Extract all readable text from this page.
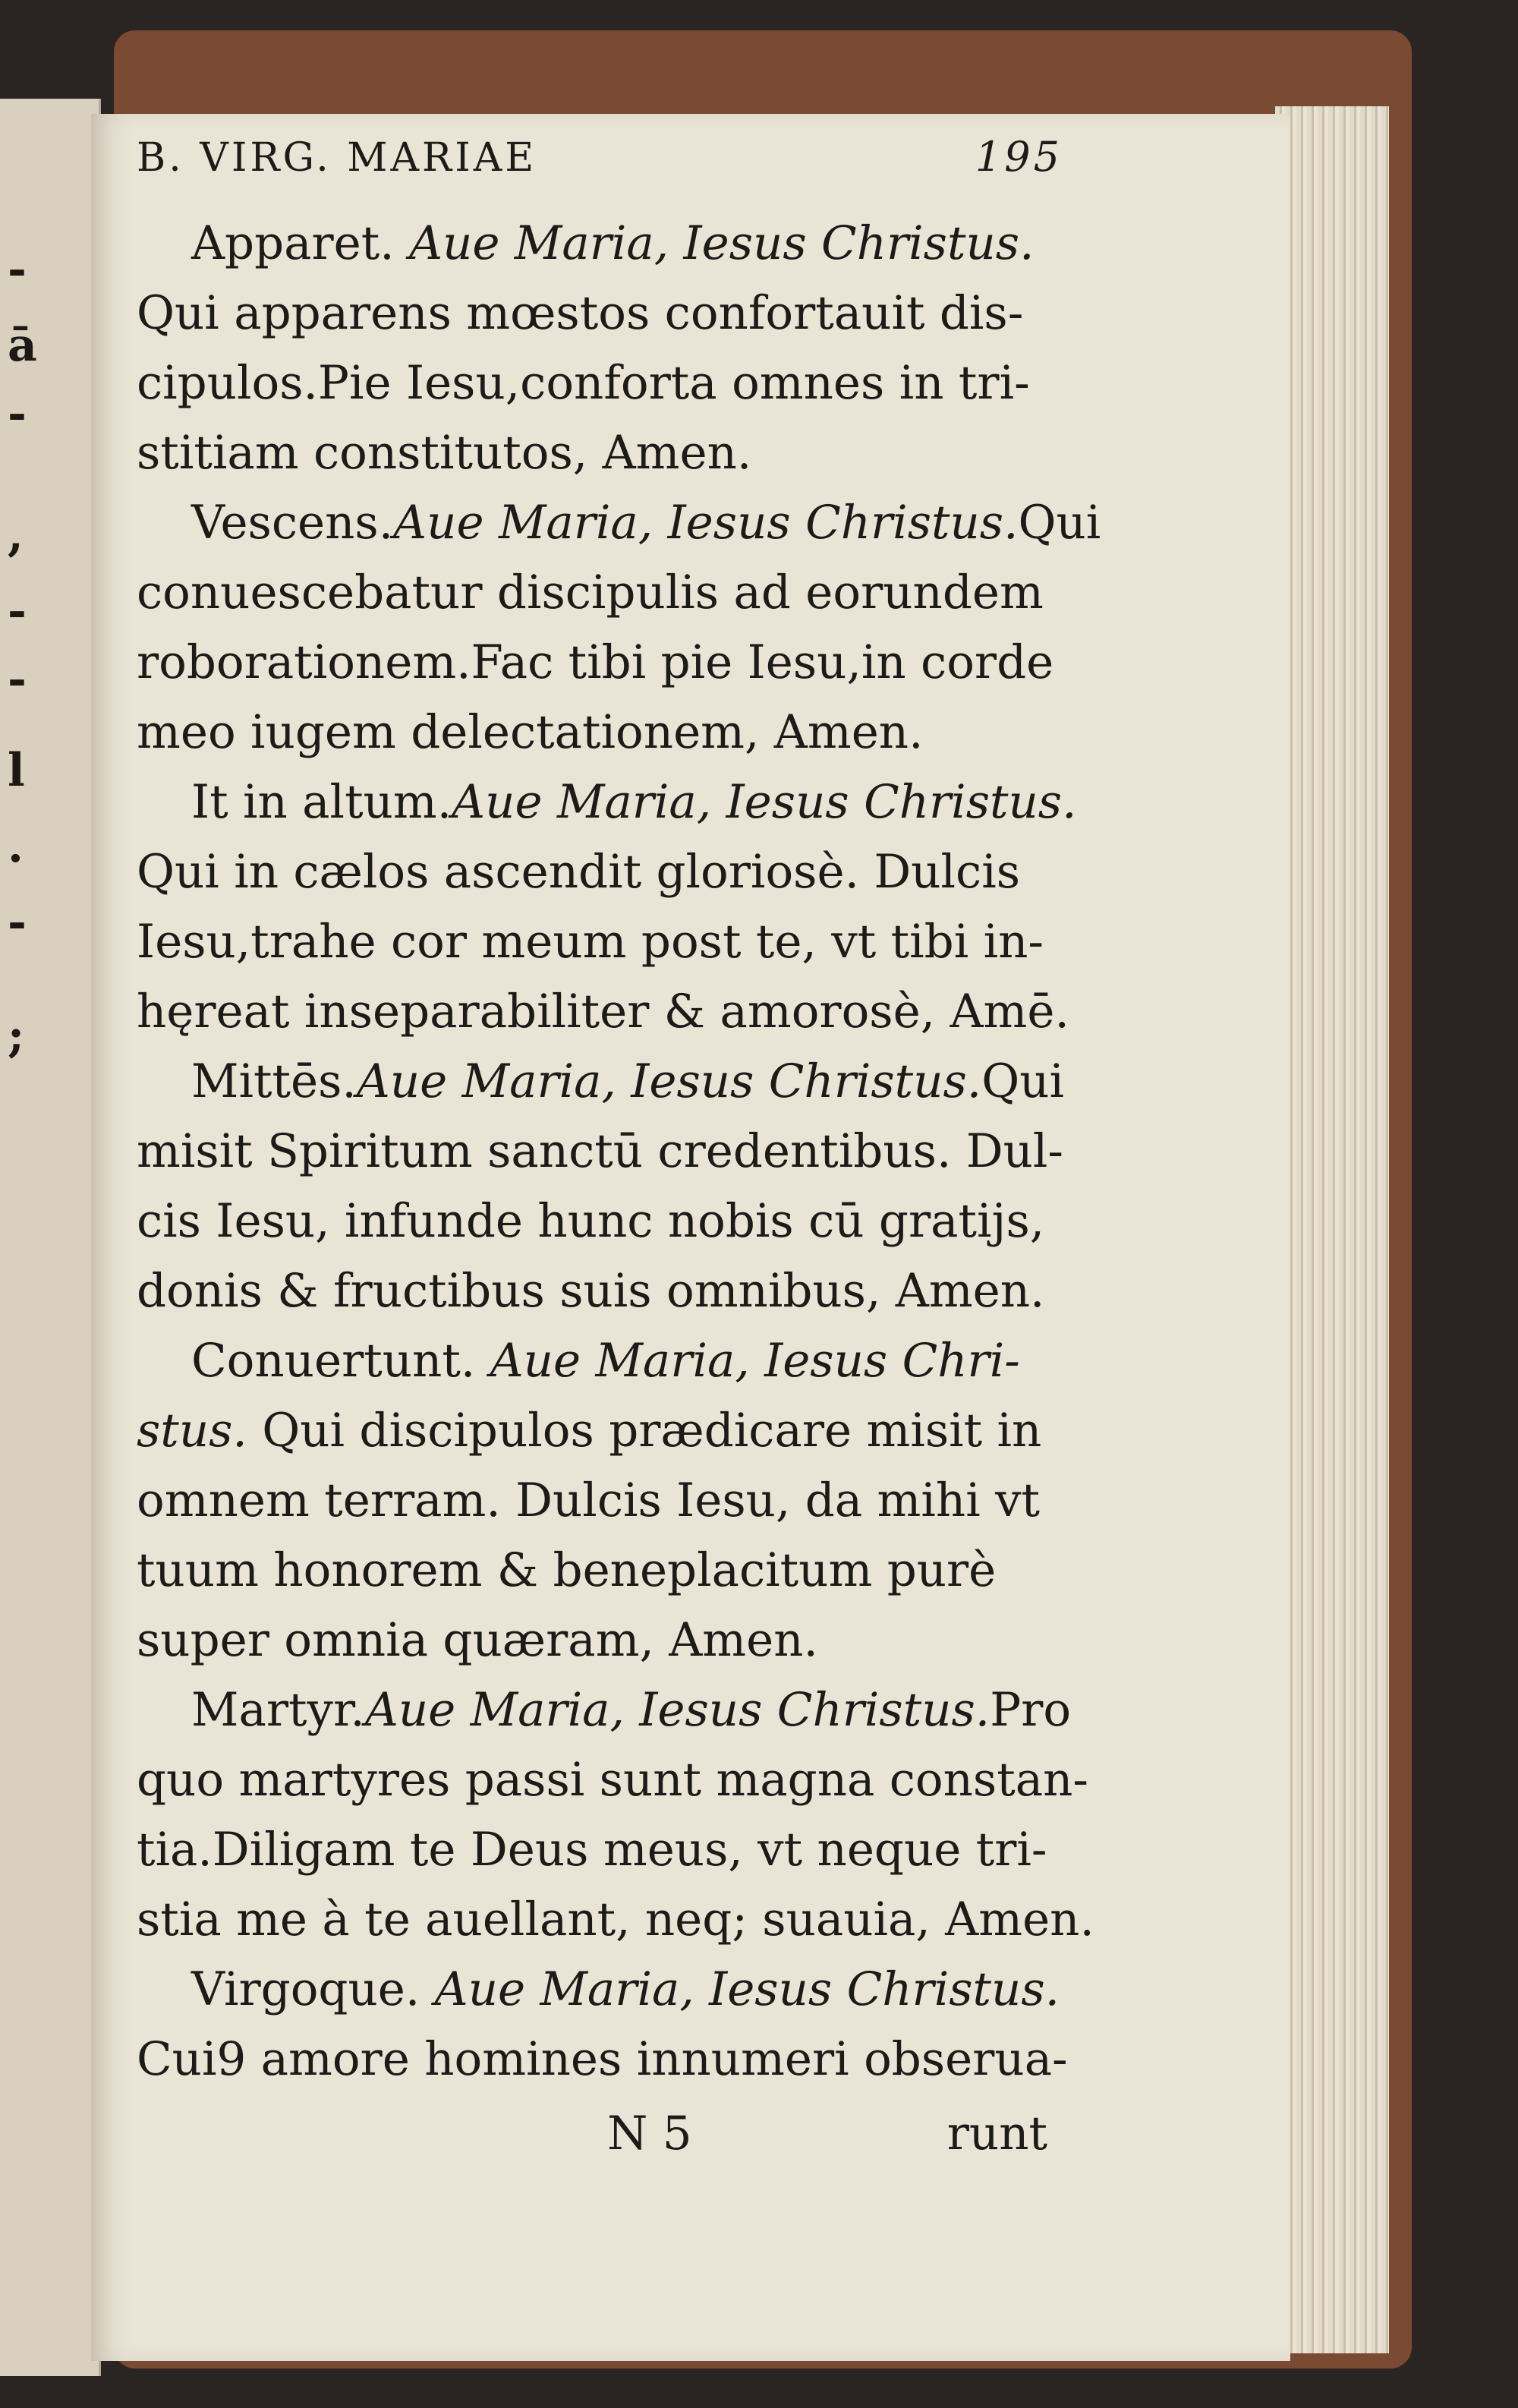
-
ā
-
,
-
-
l
.
-
;
B. VIRG. MARIAE	195
Apparet. Aue Maria, Iesus Christus.
Qui apparens mœstos confortauit dis-
cipulos.Pie Iesu,conforta omnes in tri-
stitiam constitutos, Amen.
Vescens.Aue Maria, Iesus Christus.Qui
conuescebatur discipulis ad eorundem
roborationem.Fac tibi pie Iesu,in corde
meo iugem delectationem, Amen.
It in altum.Aue Maria, Iesus Christus.
Qui in cælos ascendit gloriosè. Dulcis
Iesu,trahe cor meum post te, vt tibi in-
hęreat inseparabiliter & amorosè, Amē.
Mittēs.Aue Maria, Iesus Christus.Qui
misit Spiritum sanctū credentibus. Dul-
cis Iesu, infunde hunc nobis cū gratijs,
donis & fructibus suis omnibus, Amen.
Conuertunt. Aue Maria, Iesus Chri-
stus. Qui discipulos prædicare misit in
omnem terram. Dulcis Iesu, da mihi vt
tuum honorem & beneplacitum purè
super omnia quæram, Amen.
Martyr.Aue Maria, Iesus Christus.Pro
quo martyres passi sunt magna constan-
tia.Diligam te Deus meus, vt neque tri-
stia me à te auellant, neq; suauia, Amen.
Virgoque. Aue Maria, Iesus Christus.
Cui9 amore homines innumeri obserua-
N 5	runt
